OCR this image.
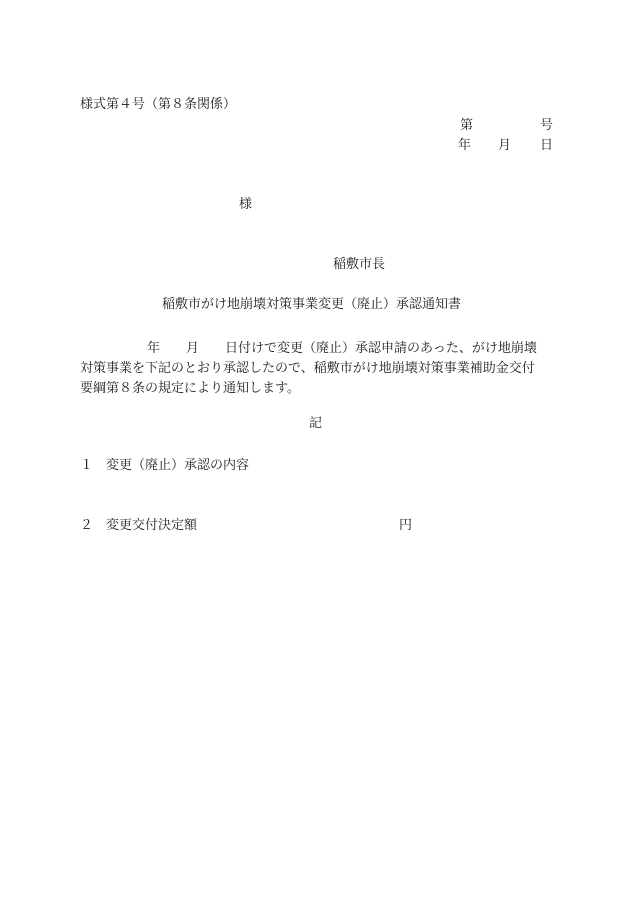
様式第４号（第８条関係）
第	号
年 月 日
様
稲敷市長
稲敷市がけ地崩壊対策事業変更（廃止）承認通知書
年 月 日付けで変更（廃止）承認申請のあった、がけ地崩壊
対策事業を下記のとおり承認したので、稲敷市がけ地崩壊対策事業補助金交付
要綱第８条の規定により通知します。
記
１ 変更（廃止）承認の内容
２ 変更交付決定額	円
